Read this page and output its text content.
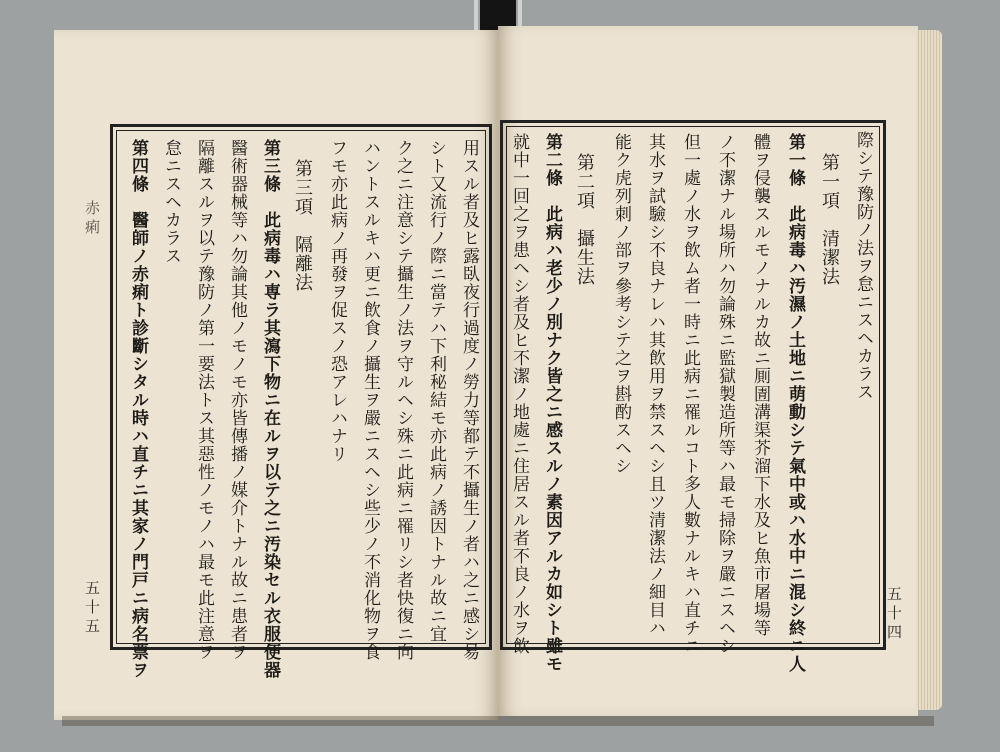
赤痢
五十五	五十四
際シテ豫防ノ法ヲ怠ニスヘカラス
第一項　清潔法
第一條　此病毒ハ汚濕ノ土地ニ萌動シテ氣中或ハ水中ニ混シ終ニ人
體ヲ侵襲スルモノナルカ故ニ厠圊溝渠芥溜下水及ヒ魚市屠場等
ノ不潔ナル場所ハ勿論殊ニ監獄製造所等ハ最モ掃除ヲ嚴ニスヘシ
但一處ノ水ヲ飲ム者一時ニ此病ニ罹ルコト多人數ナルキハ直チニ
其水ヲ試驗シ不良ナレハ其飲用ヲ禁スヘシ且ツ清潔法ノ細目ハ
能ク虎列刺ノ部ヲ參考シテ之ヲ斟酌スヘシ
第二項　攝生法
第二條　此病ハ老少ノ別ナク皆之ニ感スルノ素因アルカ如シト雖モ
就中一回之ヲ患ヘシ者及ヒ不潔ノ地處ニ住居スル者不良ノ水ヲ飲
用スル者及ヒ露臥夜行過度ノ勞力等都テ不攝生ノ者ハ之ニ感シ易
シト又流行ノ際ニ當テハ下利秘結モ亦此病ノ誘因トナル故ニ宜
ク之ニ注意シテ攝生ノ法ヲ守ルヘシ殊ニ此病ニ罹リシ者快復ニ向
ハントスルキハ更ニ飲食ノ攝生ヲ嚴ニスヘシ些少ノ不消化物ヲ食
フモ亦此病ノ再發ヲ促スノ恐アレハナリ
第三項　隔離法
第三條　此病毒ハ専ラ其瀉下物ニ在ルヲ以テ之ニ汚染セル衣服便器
醫術器械等ハ勿論其他ノモノモ亦皆傳播ノ媒介トナル故ニ患者ヲ
隔離スルヲ以テ豫防ノ第一要法トス其惡性ノモノハ最モ此注意ヲ
怠ニスヘカラス
第四條　醫師ノ赤痢ト診斷シタル時ハ直チニ其家ノ門戸ニ病名票ヲ
